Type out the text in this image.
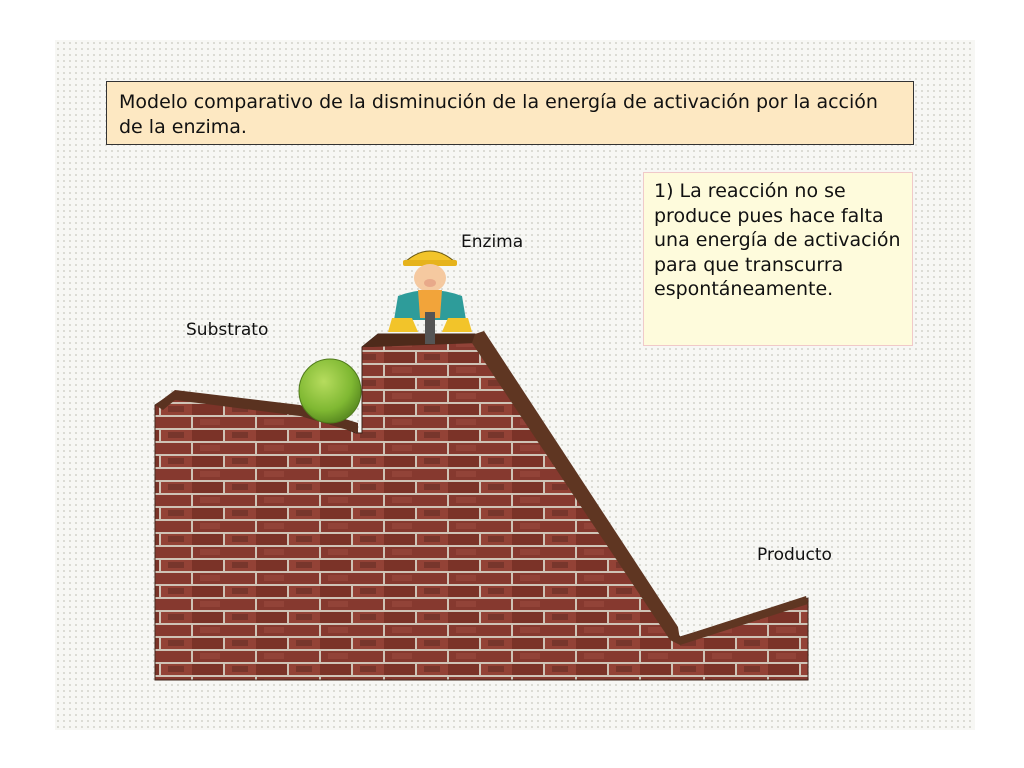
Modelo comparativo de la disminución de la energía de activación por la acción de la enzima.
1) La reacción no se produce pues hace falta una energía de activación para que transcurra espontáneamente.
Enzima
Substrato
Producto
